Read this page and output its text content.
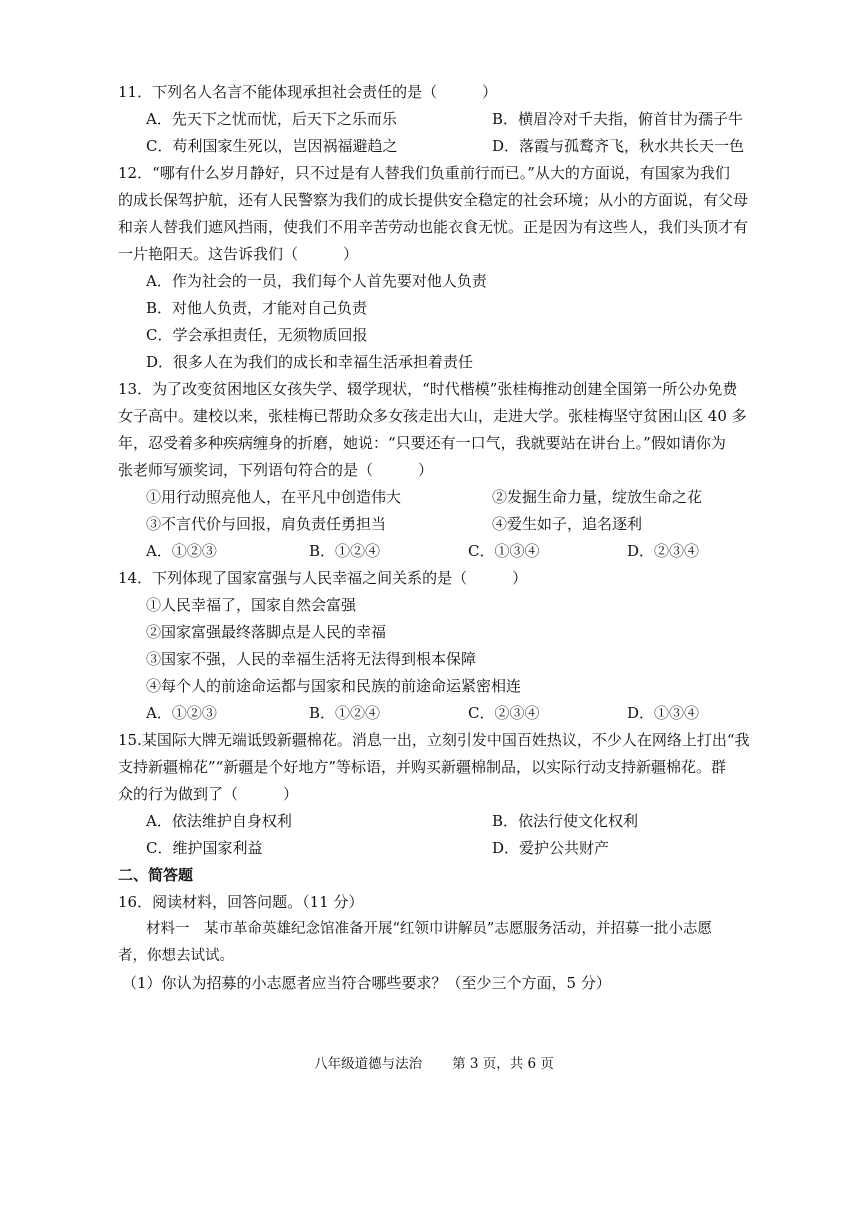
11．下列名人名言不能体现承担社会责任的是（　　　）
A．先天下之忧而忧，后天下之乐而乐	B．横眉冷对千夫指，俯首甘为孺子牛
C．苟利国家生死以，岂因祸福避趋之	D．落霞与孤鹜齐飞，秋水共长天一色
12．“哪有什么岁月静好，只不过是有人替我们负重前行而已。”从大的方面说，有国家为我们
的成长保驾护航，还有人民警察为我们的成长提供安全稳定的社会环境；从小的方面说，有父母
和亲人替我们遮风挡雨，使我们不用辛苦劳动也能衣食无忧。正是因为有这些人，我们头顶才有
一片艳阳天。这告诉我们（　　　）
A．作为社会的一员，我们每个人首先要对他人负责
B．对他人负责，才能对自己负责
C．学会承担责任，无须物质回报
D．很多人在为我们的成长和幸福生活承担着责任
13．为了改变贫困地区女孩失学、辍学现状，“时代楷模”张桂梅推动创建全国第一所公办免费
女子高中。建校以来，张桂梅已帮助众多女孩走出大山，走进大学。张桂梅坚守贫困山区 40 多
年，忍受着多种疾病缠身的折磨，她说：“只要还有一口气，我就要站在讲台上。”假如请你为
张老师写颁奖词，下列语句符合的是（　　　）
①用行动照亮他人，在平凡中创造伟大	②发掘生命力量，绽放生命之花
③不言代价与回报，肩负责任勇担当	④爱生如子，追名逐利
A．①②③	B．①②④	C．①③④	D．②③④
14．下列体现了国家富强与人民幸福之间关系的是（　　　）
①人民幸福了，国家自然会富强
②国家富强最终落脚点是人民的幸福
③国家不强，人民的幸福生活将无法得到根本保障
④每个人的前途命运都与国家和民族的前途命运紧密相连
A．①②③	B．①②④	C．②③④	D．①③④
15.某国际大牌无端诋毁新疆棉花。消息一出，立刻引发中国百姓热议，不少人在网络上打出“我
支持新疆棉花”“新疆是个好地方”等标语，并购买新疆棉制品，以实际行动支持新疆棉花。群
众的行为做到了（　　　）
A．依法维护自身权利	B．依法行使文化权利
C．维护国家利益	D．爱护公共财产
二、简答题
16．阅读材料，回答问题。（11 分）
材料一　某市革命英雄纪念馆准备开展“红领巾讲解员”志愿服务活动，并招募一批小志愿
者，你想去试试。
（1）你认为招募的小志愿者应当符合哪些要求？（至少三个方面，5 分）
八年级道德与法治 第 3 页，共 6 页
